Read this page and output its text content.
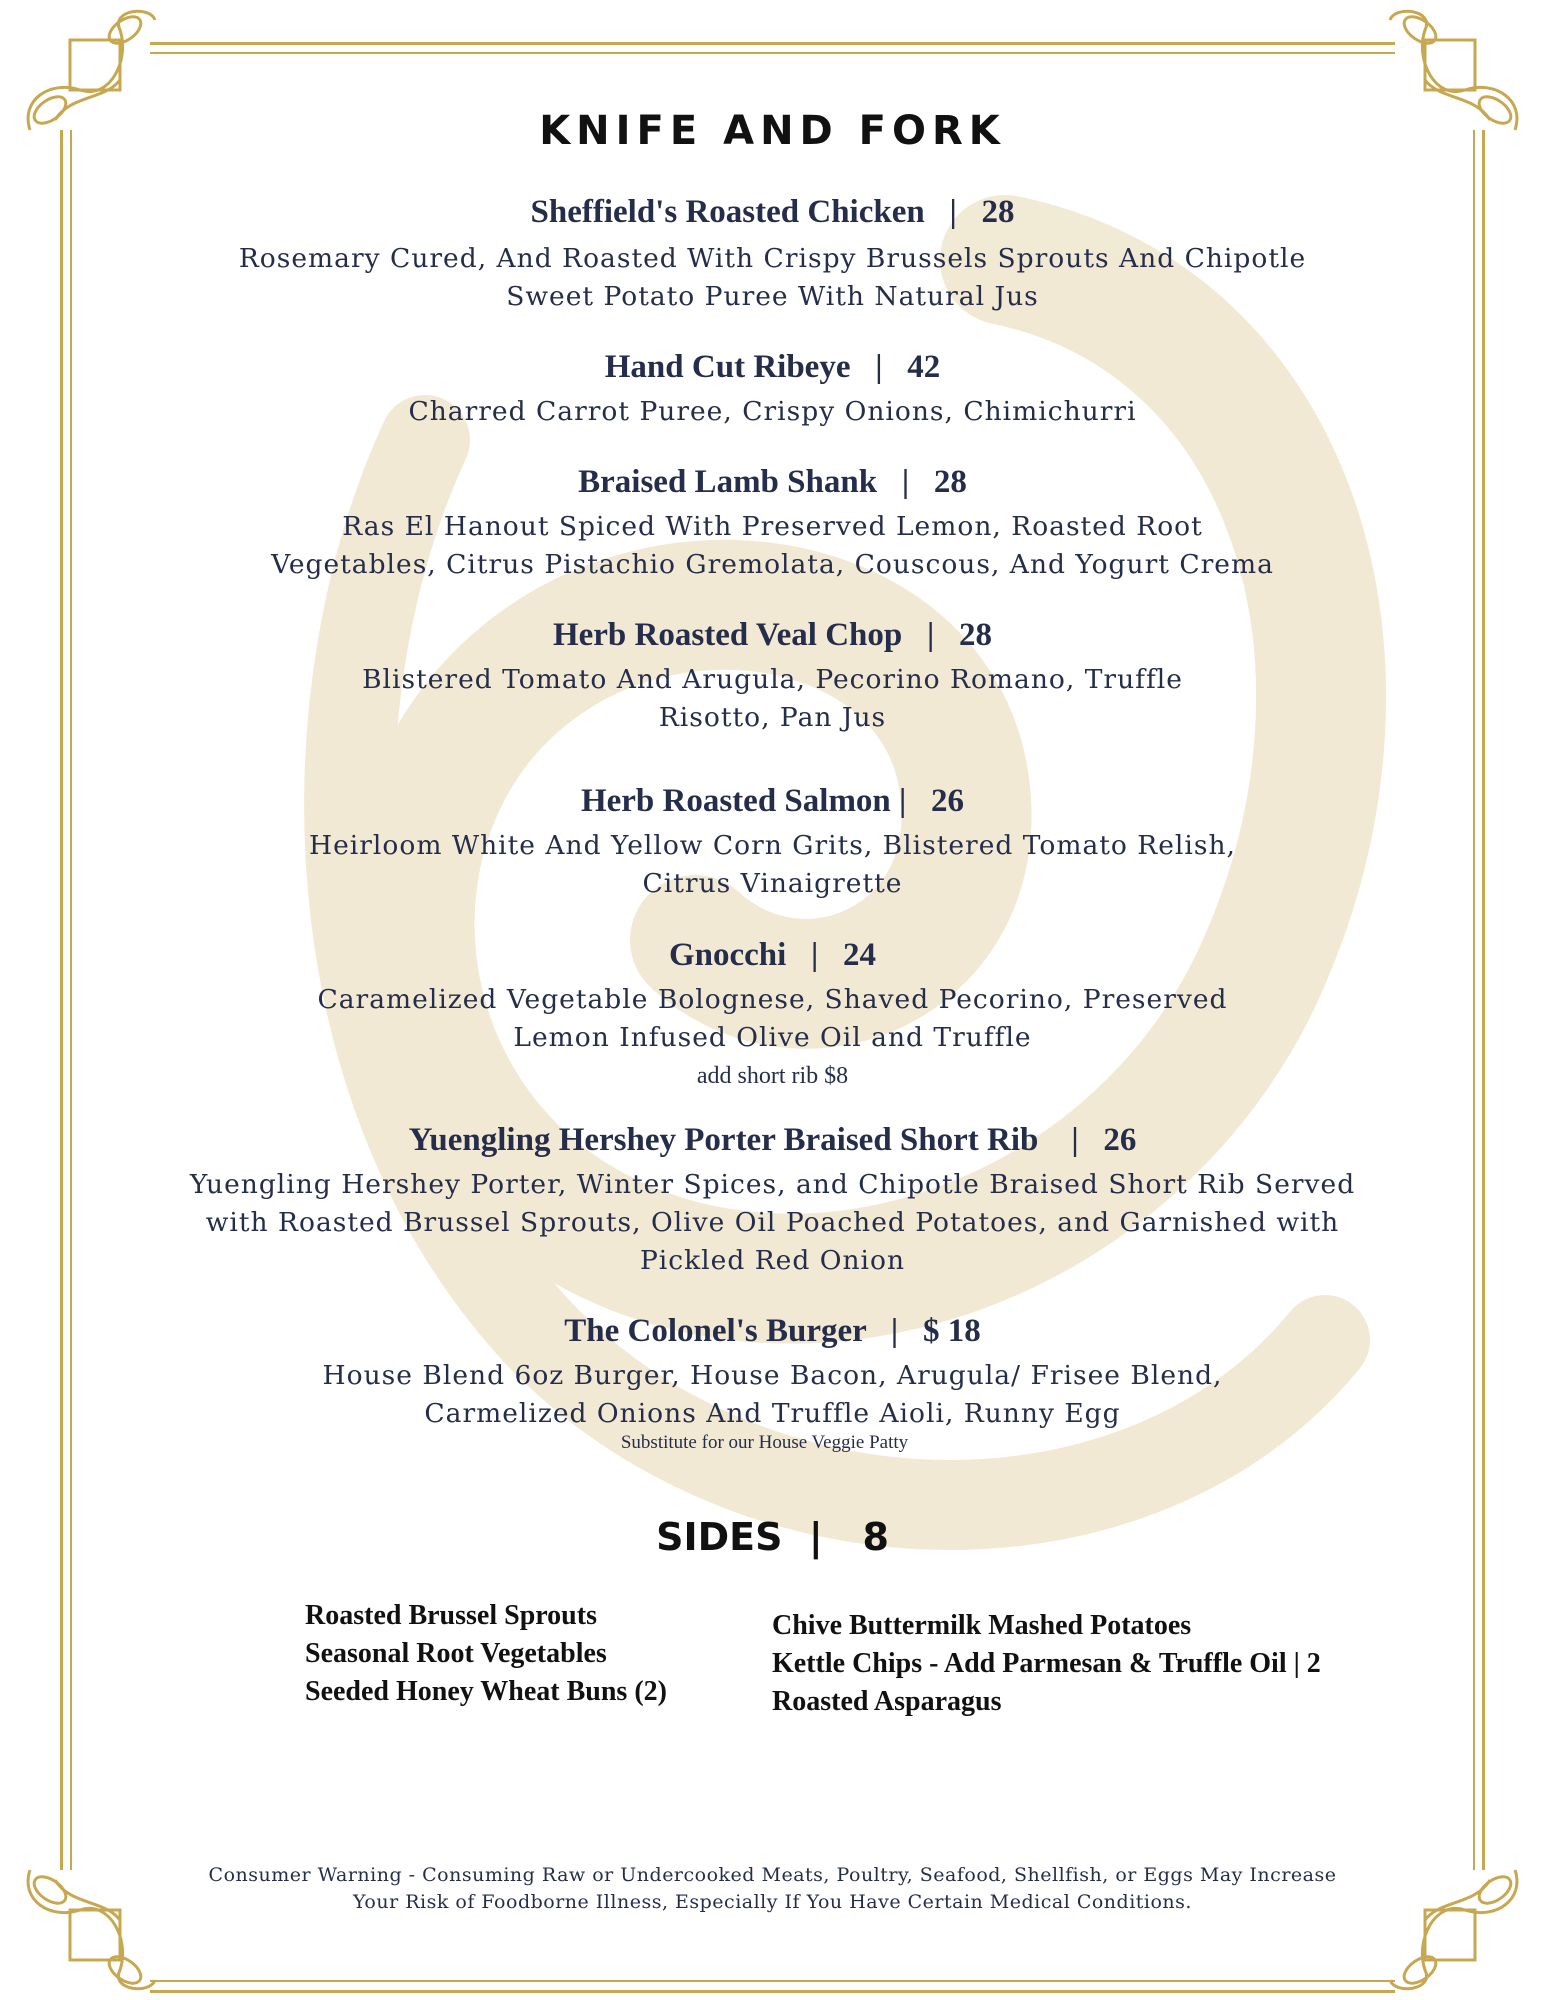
KNIFE AND FORK
Sheffield's Roasted Chicken   |   28
Rosemary Cured, And Roasted With Crispy Brussels Sprouts And Chipotle
Sweet Potato Puree With Natural Jus
Hand Cut Ribeye   |   42
Charred Carrot Puree, Crispy Onions, Chimichurri
Braised Lamb Shank   |   28
Ras El Hanout Spiced With Preserved Lemon, Roasted Root
Vegetables, Citrus Pistachio Gremolata, Couscous, And Yogurt Crema
Herb Roasted Veal Chop   |   28
Blistered Tomato And Arugula, Pecorino Romano, Truffle
Risotto, Pan Jus
Herb Roasted Salmon |   26
Heirloom White And Yellow Corn Grits, Blistered Tomato Relish,
Citrus Vinaigrette
Gnocchi   |   24
Caramelized Vegetable Bolognese, Shaved Pecorino, Preserved
Lemon Infused Olive Oil and Truffle
add short rib $8
Yuengling Hershey Porter Braised Short Rib    |   26
Yuengling Hershey Porter, Winter Spices, and Chipotle Braised Short Rib Served
with Roasted Brussel Sprouts, Olive Oil Poached Potatoes, and Garnished with
Pickled Red Onion
The Colonel's Burger   |   $ 18
House Blend 6oz Burger, House Bacon, Arugula/ Frisee Blend,
Carmelized Onions And Truffle Aioli, Runny Egg
Substitute for our House Veggie Patty
SIDES  |   8
Roasted Brussel Sprouts
Seasonal Root Vegetables
Seeded Honey Wheat Buns (2)
Chive Buttermilk Mashed Potatoes
Kettle Chips - Add Parmesan & Truffle Oil | 2
Roasted Asparagus
Consumer Warning - Consuming Raw or Undercooked Meats, Poultry, Seafood, Shellfish, or Eggs May Increase
Your Risk of Foodborne Illness, Especially If You Have Certain Medical Conditions.
